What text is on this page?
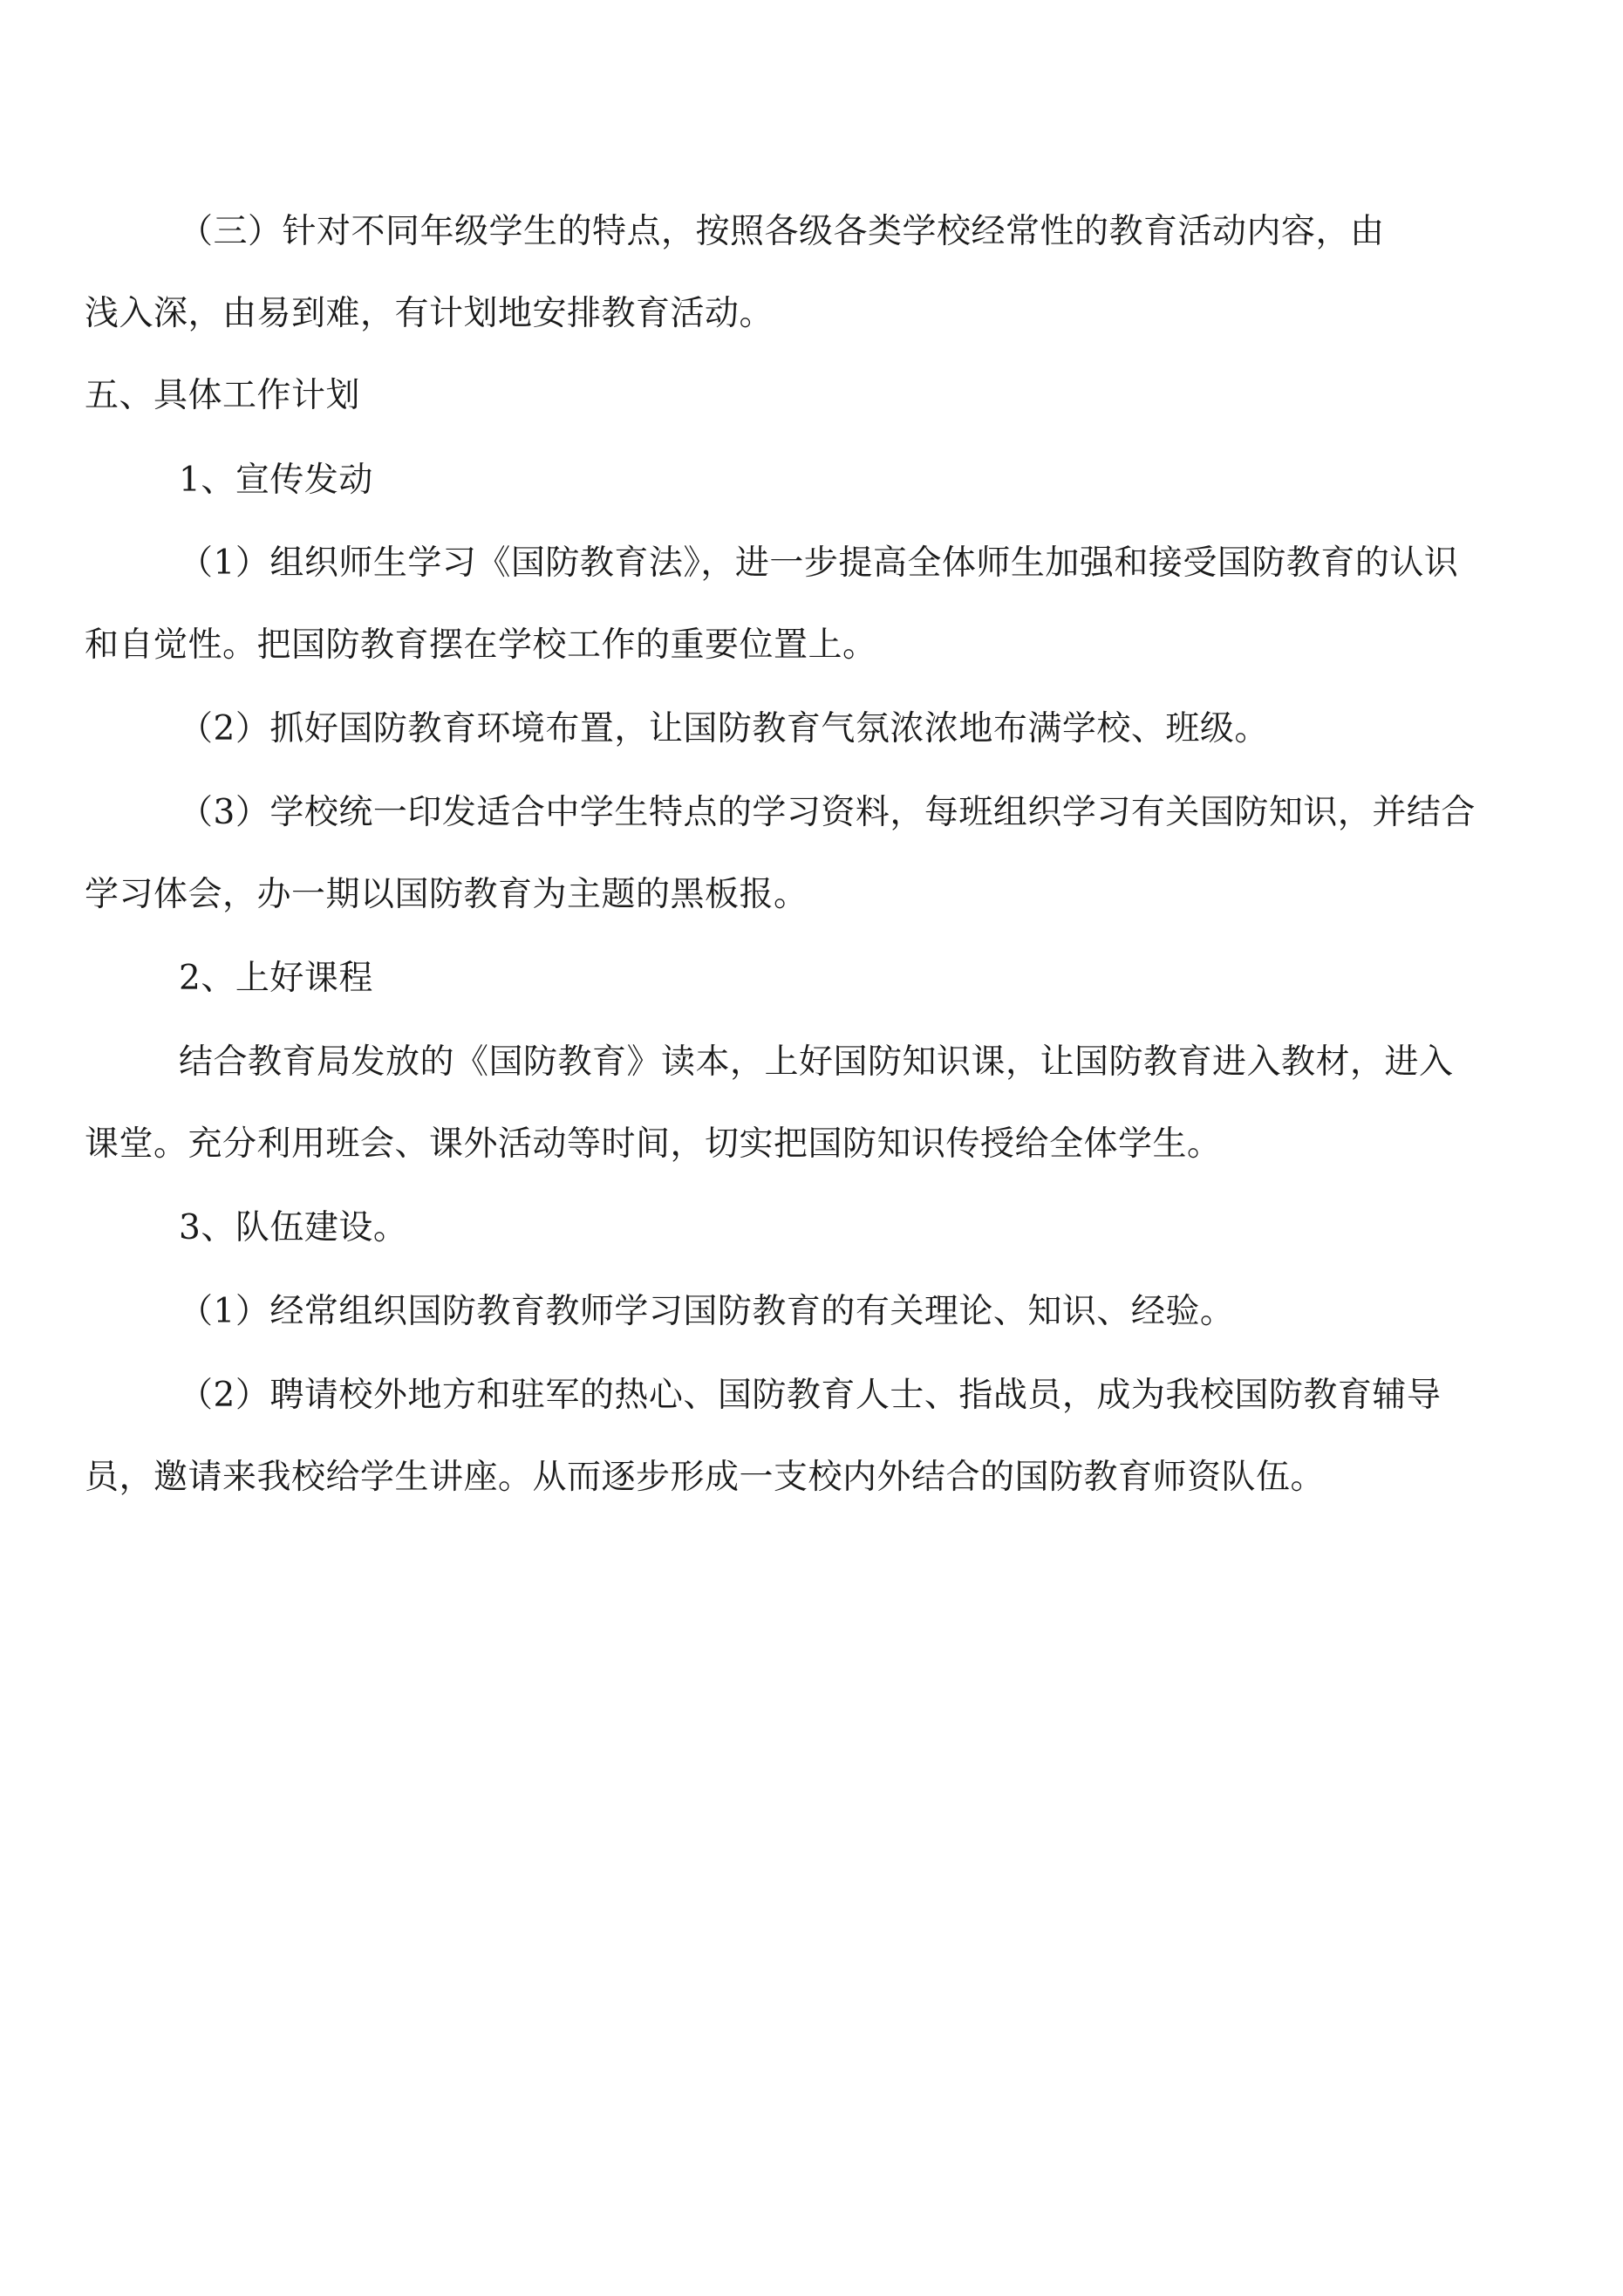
（三）针对不同年级学生的特点，按照各级各类学校经常性的教育活动内容，由
浅入深，由易到难，有计划地安排教育活动。
五、具体工作计划
1、宣传发动
（1）组织师生学习《国防教育法》，进一步提高全体师生加强和接受国防教育的认识
和自觉性。把国防教育摆在学校工作的重要位置上。
（2）抓好国防教育环境布置，让国防教育气氛浓浓地布满学校、班级。
（3）学校统一印发适合中学生特点的学习资料，每班组织学习有关国防知识，并结合
学习体会，办一期以国防教育为主题的黑板报。
2、上好课程
结合教育局发放的《国防教育》读本，上好国防知识课，让国防教育进入教材，进入
课堂。充分利用班会、课外活动等时间，切实把国防知识传授给全体学生。
3、队伍建设。
（1）经常组织国防教育教师学习国防教育的有关理论、知识、经验。
（2）聘请校外地方和驻军的热心、国防教育人士、指战员，成为我校国防教育辅导
员，邀请来我校给学生讲座。从而逐步形成一支校内外结合的国防教育师资队伍。
